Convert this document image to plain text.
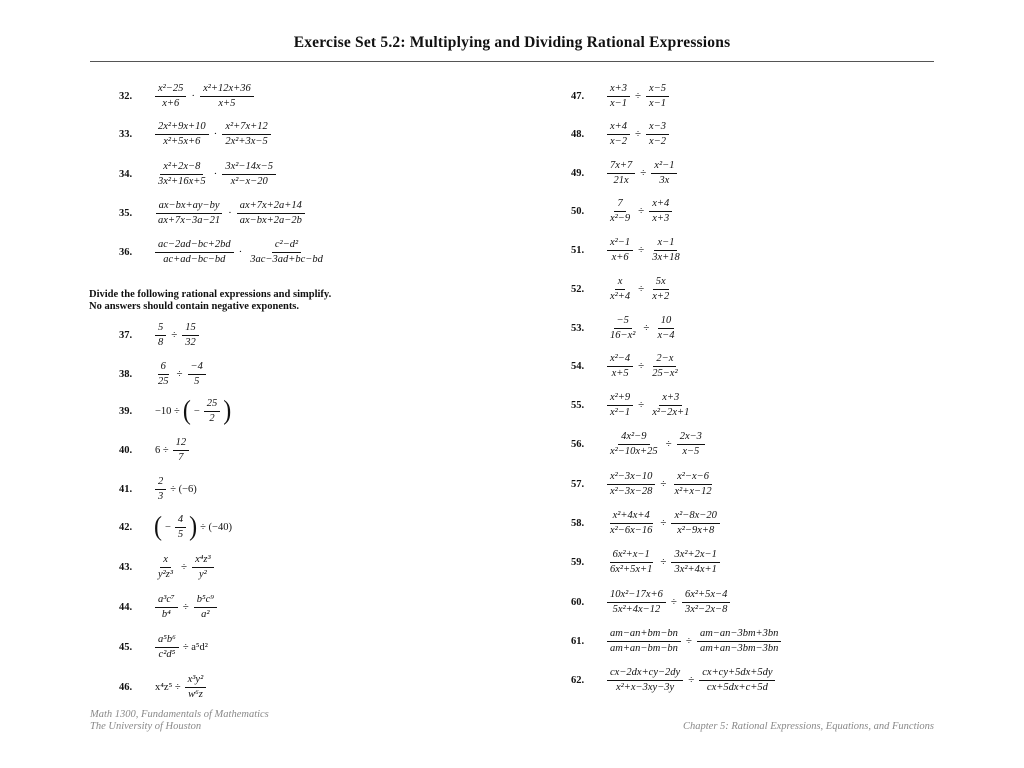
Exercise Set 5.2: Multiplying and Dividing Rational Expressions
32.	$\frac{\text{x²−25}}{x+6} \cdot \frac{\text{x²+12x+36}}{x+5}$
33.	$\frac{\text{2x²+9x+10}}{\text{x²+5x+6}} \cdot \frac{\text{x²+7x+12}}{\text{2x²+3x−5}}$
34.	$\frac{\text{x²+2x−8}}{\text{3x²+16x+5}} \cdot \frac{\text{3x²−14x−5}}{\text{x²−x−20}}$
35.	$\frac{ax-bx+ay-by}{ax+7x-3a-21} \cdot \frac{ax+7x+2a+14}{ax-bx+2a-2b}$
36.	$\frac{ac-2ad-bc+2bd}{ac+ad-bc-bd} \cdot \frac{\text{c²−d²}}{3ac-3ad+bc-bd}$
37.	$\frac{5}{8} \div \frac{15}{32}$
38.	$\frac{6}{25} \div \frac{-4}{5}$
39.	−10 ÷ ( − $\frac{25}{2}$ )
40.	$6 \div \frac{12}{7}$
41.	$\frac{2}{3} \div (-6)$
42. ( − $\frac{4}{5}$ ) ÷ (−40)
43.	$\frac{x}{\text{y²z³}} \div \frac{\text{x⁴z³}}{\text{y²}}$
44.	$\frac{\text{a³c⁷}}{\text{b⁴}} \div \frac{\text{b⁵c⁹}}{\text{a²}}$
45.	$\frac{\text{a⁵b⁶}}{\text{c²d⁵}} \div a^5d^2$
46.	$x^4z^5 \div \frac{\text{x³y²}}{\text{w⁶z}}$
47.	$\frac{x+3}{x-1} \div \frac{x-5}{x-1}$
48.	$\frac{x+4}{x-2} \div \frac{x-3}{x-2}$
49.	$\frac{7x+7}{21x} \div \frac{\text{x²−1}}{3x}$
50.	$\frac{7}{\text{x²−9}} \div \frac{x+4}{x+3}$
51.	$\frac{\text{x²−1}}{x+6} \div \frac{x-1}{3x+18}$
52.	$\frac{x}{\text{x²+4}} \div \frac{5x}{x+2}$
53.	$\frac{-5}{\text{16−x²}} \div \frac{10}{x-4}$
54.	$\frac{\text{x²−4}}{x+5} \div \frac{2-x}{\text{25−x²}}$
55.	$\frac{\text{x²+9}}{\text{x²−1}} \div \frac{x+3}{\text{x²−2x+1}}$
56.	$\frac{\text{4x²−9}}{\text{x²−10x+25}} \div \frac{2x-3}{x-5}$
57.	$\frac{\text{x²−3x−10}}{\text{x²−3x−28}} \div \frac{\text{x²−x−6}}{\text{x²+x−12}}$
58.	$\frac{\text{x²+4x+4}}{\text{x²−6x−16}} \div \frac{\text{x²−8x−20}}{\text{x²−9x+8}}$
59.	$\frac{\text{6x²+x−1}}{\text{6x²+5x+1}} \div \frac{\text{3x²+2x−1}}{\text{3x²+4x+1}}$
60.	$\frac{\text{10x²−17x+6}}{\text{5x²+4x−12}} \div \frac{\text{6x²+5x−4}}{\text{3x²−2x−8}}$
61.	$\frac{am-an+bm-bn}{am+an-bm-bn} \div \frac{am-an-3bm+3bn}{am+an-3bm-3bn}$
62.	$\frac{cx-2dx+cy-2dy}{\text{x²+x−3xy−3y}} \div \frac{cx+cy+5dx+5dy}{cx+5dx+c+5d}$
Divide the following rational expressions and simplify.
No answers should contain negative exponents.
Math 1300, Fundamentals of Mathematics
The University of Houston	Chapter 5: Rational Expressions, Equations, and Functions
